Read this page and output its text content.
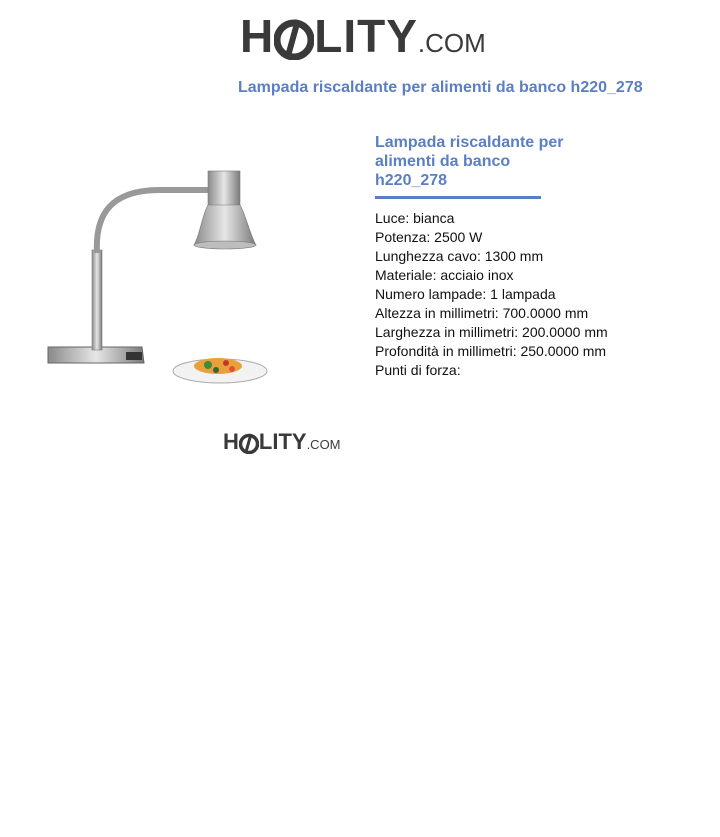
H LITY .COM
Lampada riscaldante per alimenti da banco h220_278
Lampada riscaldante per
alimenti da banco
h220_278
Luce: bianca
Potenza: 2500 W
Lunghezza cavo: 1300 mm
Materiale: acciaio inox
Numero lampade: 1 lampada
Altezza in millimetri: 700.0000 mm
Larghezza in millimetri: 200.0000 mm
Profondità in millimetri: 250.0000 mm
Punti di forza:
H LITY .COM
